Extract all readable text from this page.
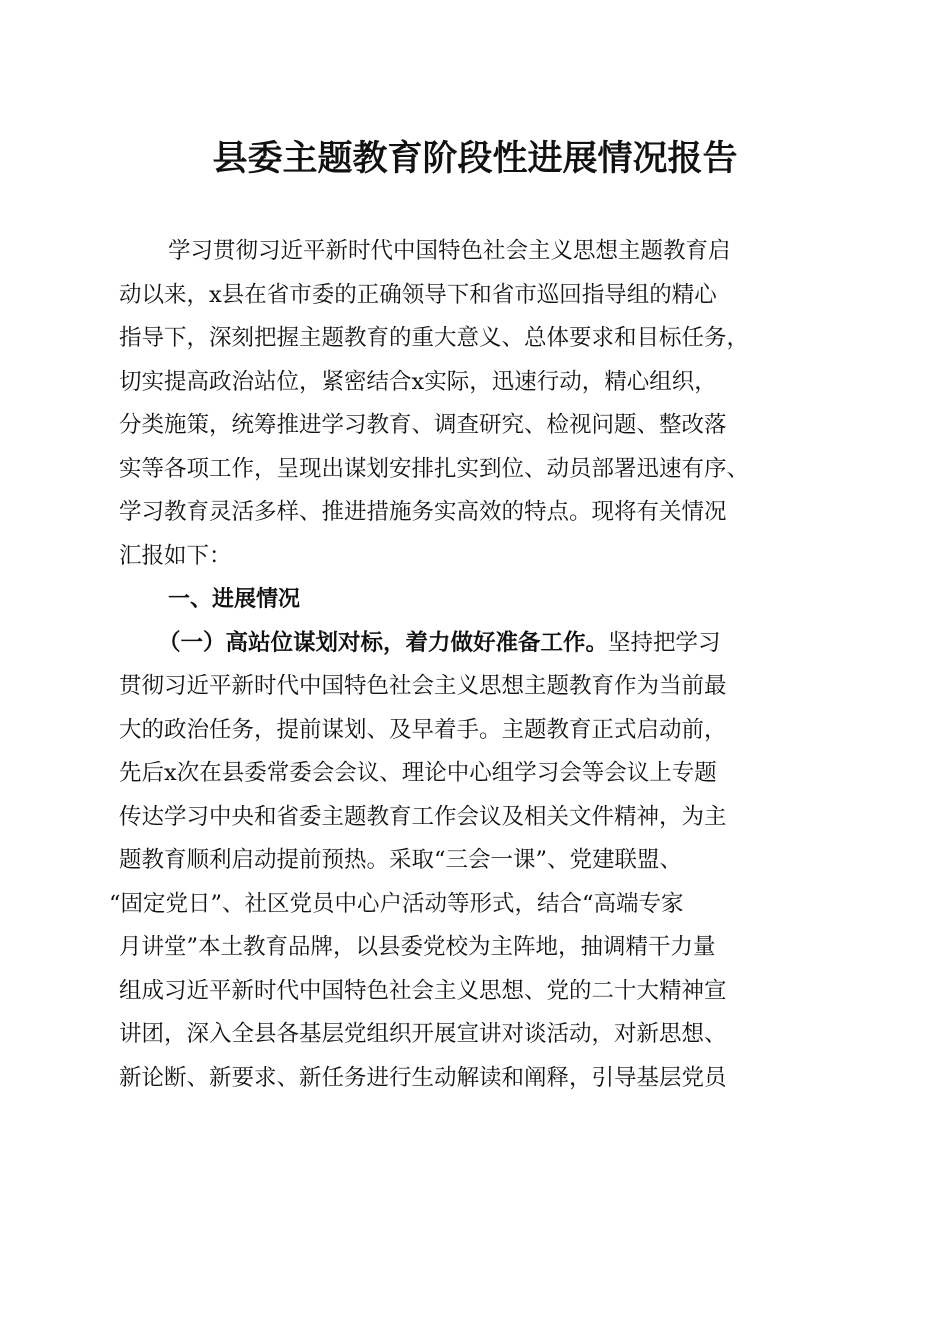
县委主题教育阶段性进展情况报告
学习贯彻习近平新时代中国特色社会主义思想主题教育启
动以来，x县在省市委的正确领导下和省市巡回指导组的精心
指导下，深刻把握主题教育的重大意义、总体要求和目标任务，
切实提高政治站位，紧密结合x实际，迅速行动，精心组织，
分类施策，统筹推进学习教育、调查研究、检视问题、整改落
实等各项工作，呈现出谋划安排扎实到位、动员部署迅速有序、
学习教育灵活多样、推进措施务实高效的特点。现将有关情况
汇报如下：
一、进展情况
（一）高站位谋划对标，着力做好准备工作。坚持把学习
贯彻习近平新时代中国特色社会主义思想主题教育作为当前最
大的政治任务，提前谋划、及早着手。主题教育正式启动前，
先后x次在县委常委会会议、理论中心组学习会等会议上专题
传达学习中央和省委主题教育工作会议及相关文件精神，为主
题教育顺利启动提前预热。采取“三会一课”、党建联盟、
“固定党日”、社区党员中心户活动等形式，结合“高端专家
月讲堂”本土教育品牌，以县委党校为主阵地，抽调精干力量
组成习近平新时代中国特色社会主义思想、党的二十大精神宣
讲团，深入全县各基层党组织开展宣讲对谈活动，对新思想、
新论断、新要求、新任务进行生动解读和阐释，引导基层党员
